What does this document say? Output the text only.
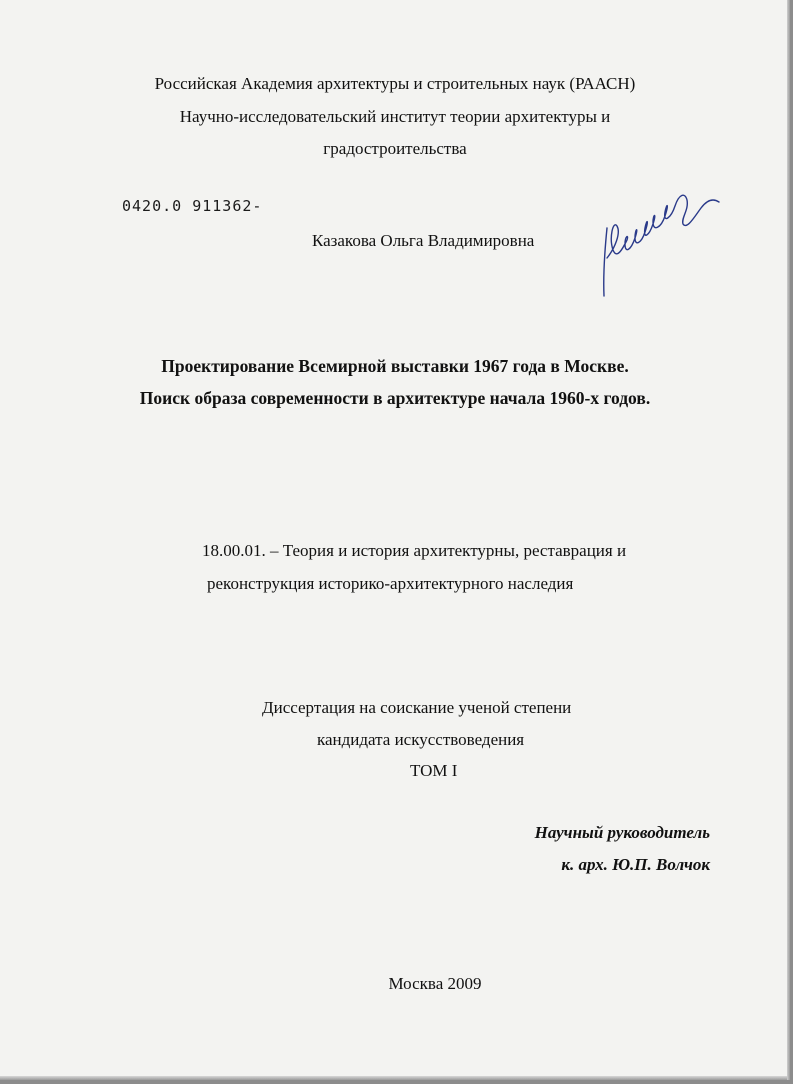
Российская Академия архитектуры и строительных наук (РААСН)
Научно-исследовательский институт теории архитектуры и
градостроительства
0420.0 911362-
Казакова Ольга Владимировна
Проектирование Всемирной выставки 1967 года в Москве.
Поиск образа современности в архитектуре начала 1960-х годов.
18.00.01. – Теория и история архитектурны, реставрация и
реконструкция историко-архитектурного наследия
Диссертация на соискание ученой степени
кандидата искусствоведения
ТОМ I
Научный руководитель
к. арх. Ю.П. Волчок
Москва 2009
